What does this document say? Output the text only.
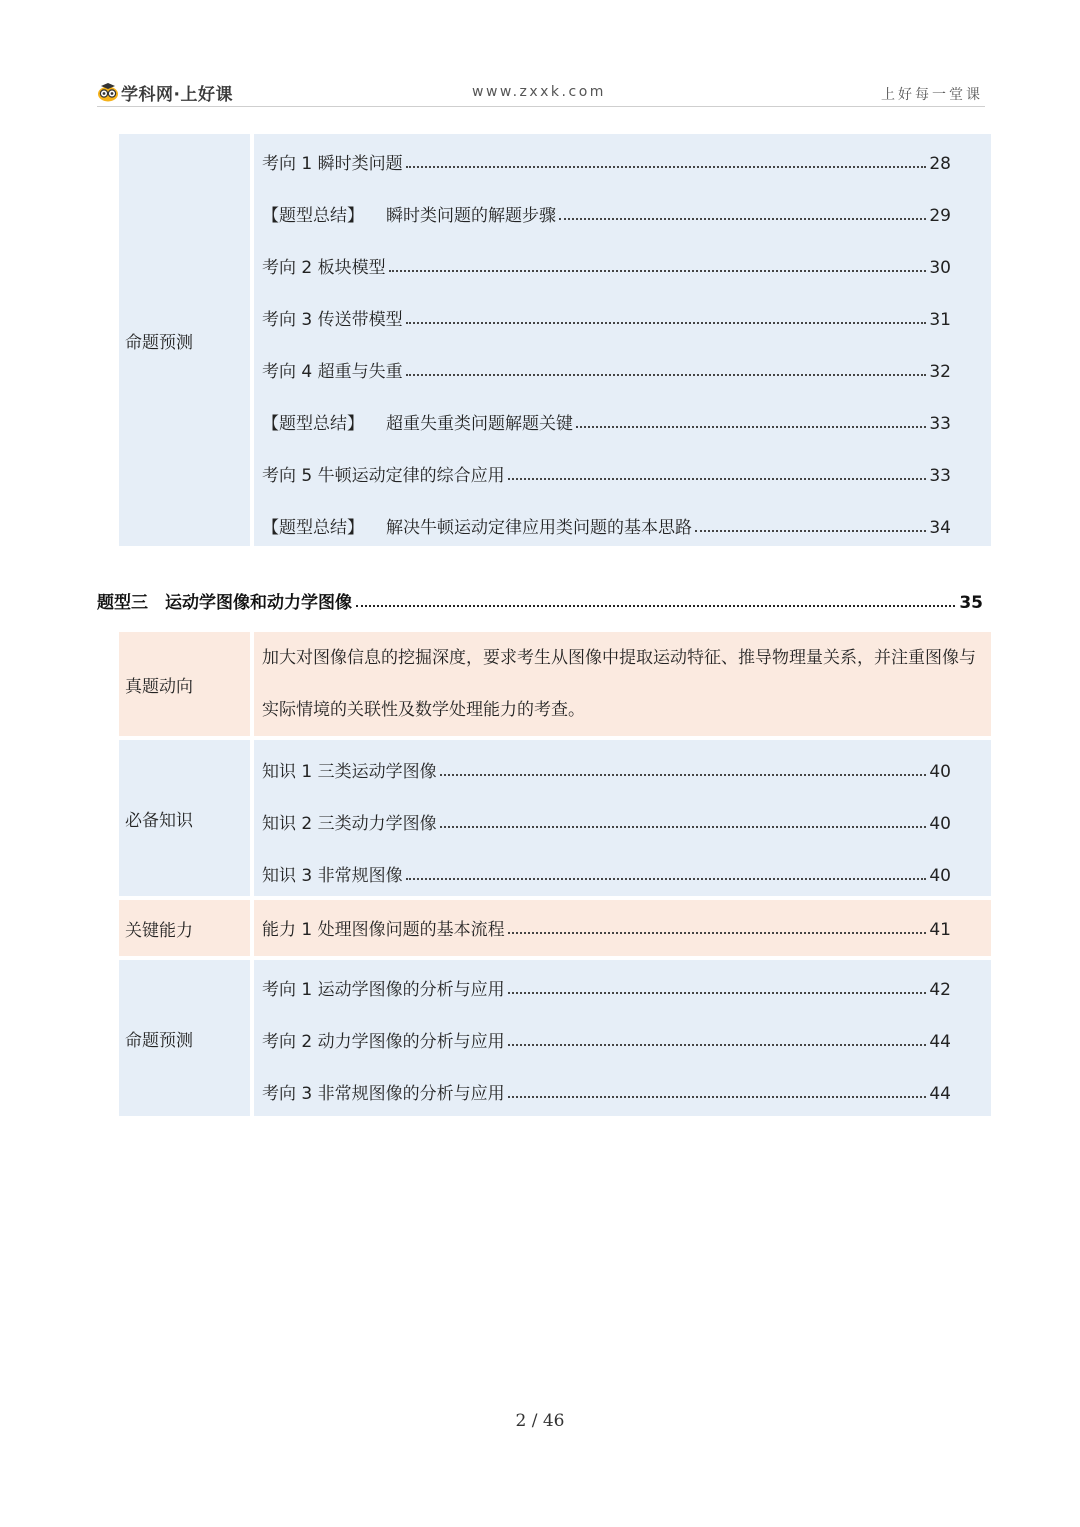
学科网·上好课	www.zxxk.com	上好每一堂课
命题预测
考向 1 瞬时类问题	28
【题型总结】 瞬时类问题的解题步骤	29
考向 2 板块模型	30
考向 3 传送带模型	31
考向 4 超重与失重	32
【题型总结】 超重失重类问题解题关键	33
考向 5 牛顿运动定律的综合应用	33
【题型总结】 解决牛顿运动定律应用类问题的基本思路	34
题型三　运动学图像和动力学图像	35
真题动向
加大对图像信息的挖掘深度，要求考生从图像中提取运动特征、推导物理量关系，并注重图像与实际情境的关联性及数学处理能力的考查。
必备知识
知识 1 三类运动学图像	40
知识 2 三类动力学图像	40
知识 3 非常规图像	40
关键能力	能力 1 处理图像问题的基本流程	41
命题预测
考向 1 运动学图像的分析与应用	42
考向 2 动力学图像的分析与应用	44
考向 3 非常规图像的分析与应用	44
2 / 46
